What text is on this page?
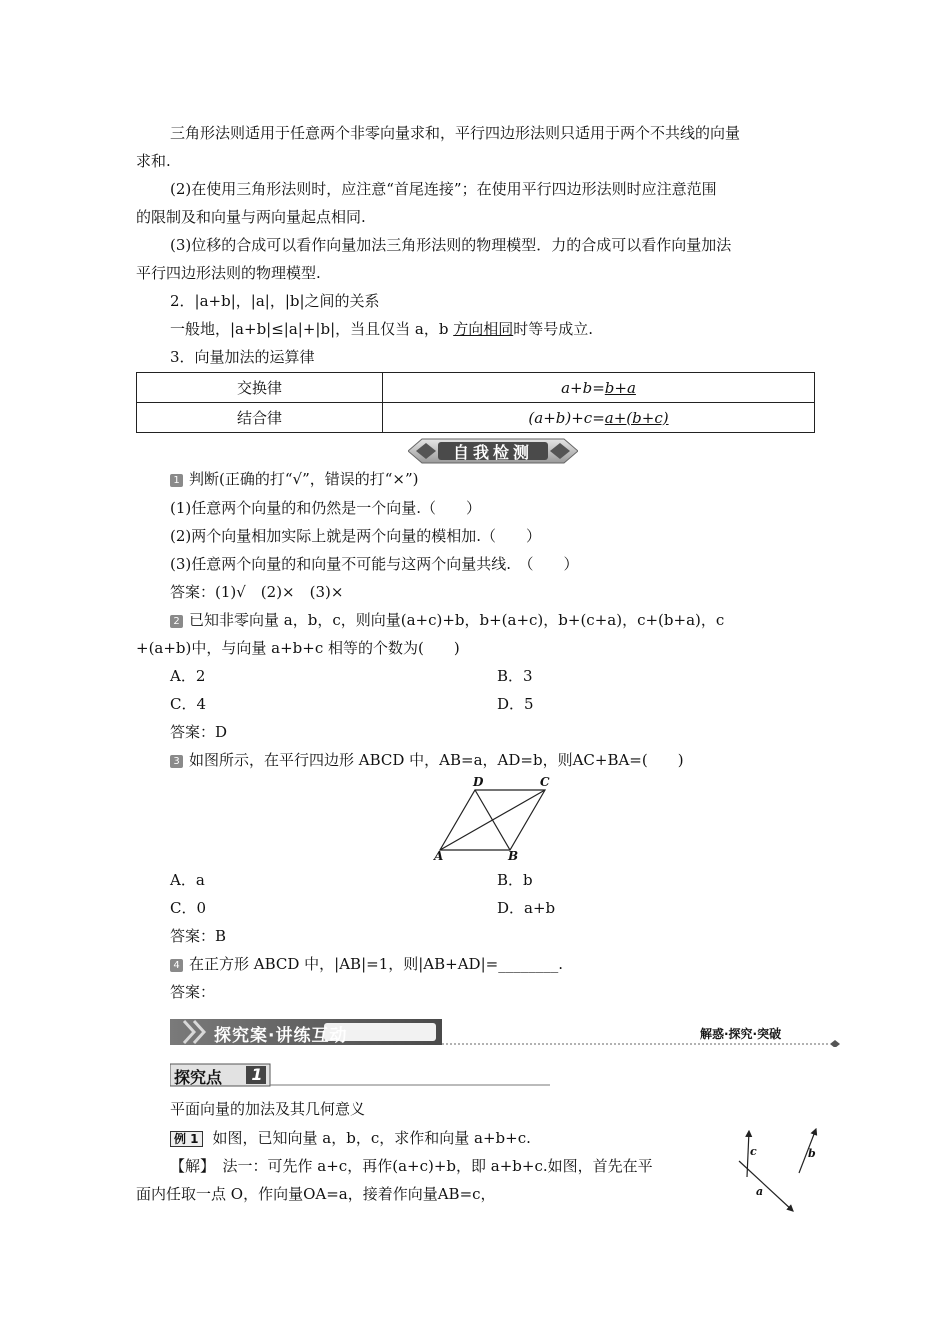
三角形法则适用于任意两个非零向量求和，平行四边形法则只适用于两个不共线的向量
求和.
(2)在使用三角形法则时，应注意“首尾连接”；在使用平行四边形法则时应注意范围
的限制及和向量与两向量起点相同.
(3)位移的合成可以看作向量加法三角形法则的物理模型．力的合成可以看作向量加法
平行四边形法则的物理模型.
2．|a+b|，|a|，|b|之间的关系
一般地，|a+b|≤|a|+|b|，当且仅当 a，b 方向相同时等号成立.
3．向量加法的运算律
交换律	a+b=b+a
结合律	(a+b)+c=a+(b+c)
自我检测
1 判断(正确的打“√”，错误的打“×”)
(1)任意两个向量的和仍然是一个向量.（　　）
(2)两个向量相加实际上就是两个向量的模相加.（　　）
(3)任意两个向量的和向量不可能与这两个向量共线.　（　　）
答案：(1)√　(2)×　(3)×
2 已知非零向量 a，b，c，则向量(a+c)+b，b+(a+c)，b+(c+a)，c+(b+a)，c
+(a+b)中，与向量 a+b+c 相等的个数为(　　)
A．2	B．3
C．4	D．5
答案：D
3 如图所示，在平行四边形 ABCD 中，AB=a，AD=b，则AC+BA=(　　)
A	B
C
D
A．a	B．b
C．0	D．a+b
答案：B
4 在正方形 ABCD 中，|AB|=1，则|AB+AD|=________.
答案：
探究案·讲练互动	解惑·探究·突破
探究点 1
平面向量的加法及其几何意义
例 1 如图，已知向量 a，b，c，求作和向量 a+b+c.
【解】　 法一：可先作 a+c，再作(a+c)+b，即 a+b+c.如图，首先在平
面内任取一点 O，作向量OA=a，接着作向量AB=c，
c	b
a
